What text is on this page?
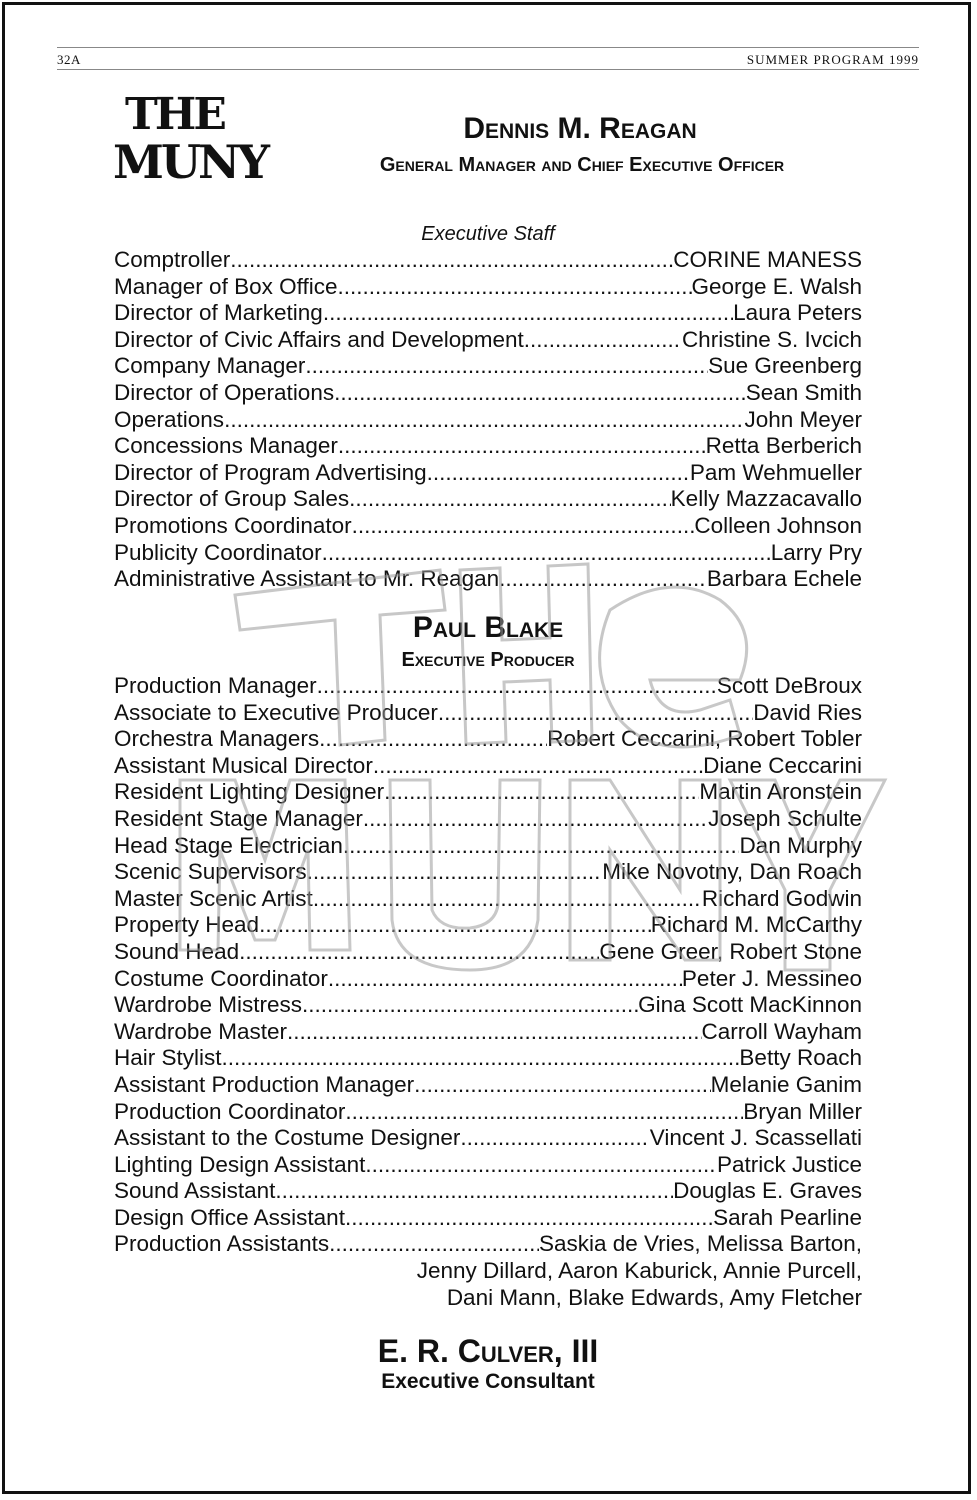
32A	SUMMER PROGRAM 1999
THE
MUNY
Dennis M. Reagan
General Manager and Chief Executive Officer
Executive Staff
Comptroller .....	CORINE MANESS
Manager of Box Office .....	George E. Walsh
Director of Marketing .....	Laura Peters
Director of Civic Affairs and Development .....	Christine S. Ivcich
Company Manager .....	Sue Greenberg
Director of Operations .....	Sean Smith
Operations .....	John Meyer
Concessions Manager .....	Retta Berberich
Director of Program Advertising .....	Pam Wehmueller
Director of Group Sales .....	Kelly Mazzacavallo
Promotions Coordinator .....	Colleen Johnson
Publicity Coordinator .....	Larry Pry
Administrative Assistant to Mr. Reagan .....	Barbara Echele
Paul Blake
Executive Producer
Production Manager .....	Scott DeBroux
Associate to Executive Producer .....	David Ries
Orchestra Managers .....	Robert Ceccarini, Robert Tobler
Assistant Musical Director .....	Diane Ceccarini
Resident Lighting Designer .....	Martin Aronstein
Resident Stage Manager .....	Joseph Schulte
Head Stage Electrician .....	Dan Murphy
Scenic Supervisors .....	Mike Novotny, Dan Roach
Master Scenic Artist .....	Richard Godwin
Property Head .....	Richard M. McCarthy
Sound Head .....	Gene Greer, Robert Stone
Costume Coordinator .....	Peter J. Messineo
Wardrobe Mistress .....	Gina Scott MacKinnon
Wardrobe Master .....	Carroll Wayham
Hair Stylist .....	Betty Roach
Assistant Production Manager .....	Melanie Ganim
Production Coordinator .....	Bryan Miller
Assistant to the Costume Designer .....	Vincent J. Scassellati
Lighting Design Assistant .....	Patrick Justice
Sound Assistant .....	Douglas E. Graves
Design Office Assistant .....	Sarah Pearline
Production Assistants .....	Saskia de Vries, Melissa Barton,
Jenny Dillard, Aaron Kaburick, Annie Purcell,
Dani Mann, Blake Edwards, Amy Fletcher
E. R. Culver, III
Executive Consultant
